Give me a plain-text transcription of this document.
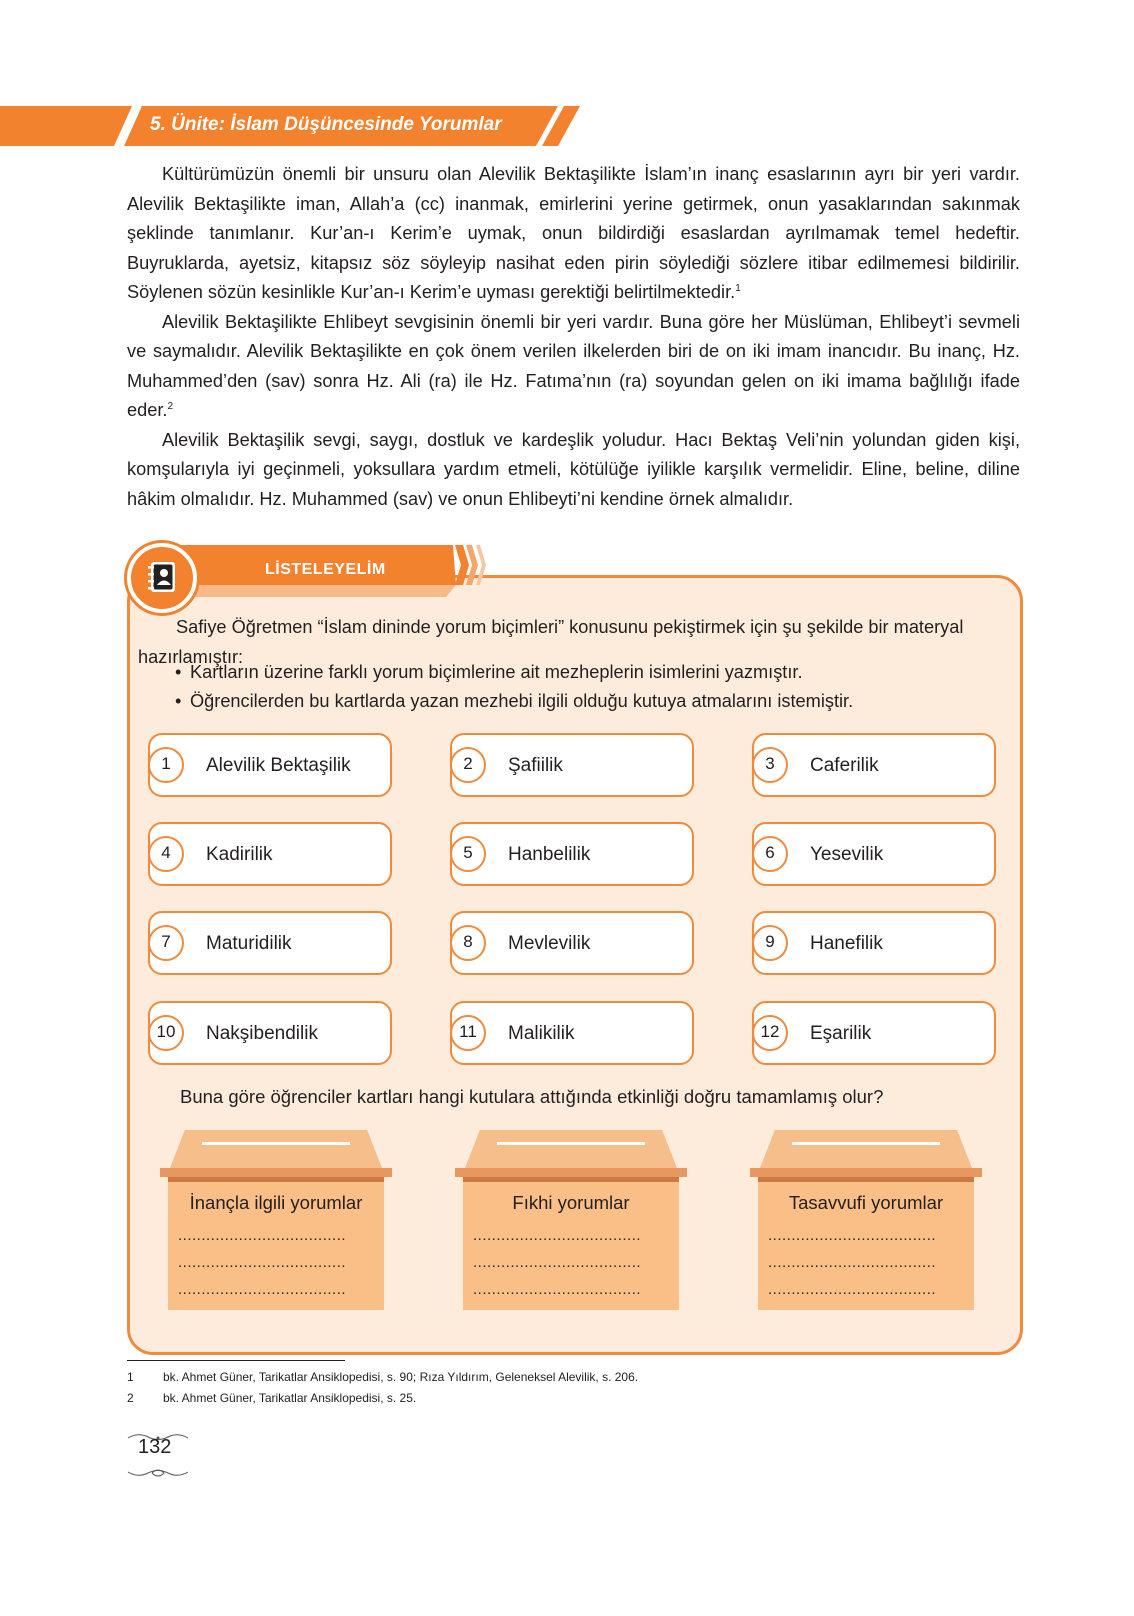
5. Ünite: İslam Düşüncesinde Yorumlar

Kültürümüzün önemli bir unsuru olan Alevilik Bektaşilikte İslam’ın inanç esaslarının ayrı bir yeri vardır. Alevilik Bektaşilikte iman, Allah’a (cc) inanmak, emirlerini yerine getirmek, onun yasaklarından sakınmak şeklinde tanımlanır. Kur’an-ı Kerim’e uymak, onun bildirdiği esaslardan ayrılmamak temel hedeftir. Buyruklarda, ayetsiz, kitapsız söz söyleyip nasihat eden pirin söylediği sözlere itibar edilmemesi bildirilir. Söylenen sözün kesinlikle Kur’an-ı Kerim’e uyması gerektiği belirtilmektedir.$^1$

Alevilik Bektaşilikte Ehlibeyt sevgisinin önemli bir yeri vardır. Buna göre her Müslüman, Ehlibeyt’i sevmeli ve saymalıdır. Alevilik Bektaşilikte en çok önem verilen ilkelerden biri de on iki imam inancıdır. Bu inanç, Hz. Muhammed’den (sav) sonra Hz. Ali (ra) ile Hz. Fatıma’nın (ra) soyundan gelen on iki imama bağlılığı ifade eder.$^2$

Alevilik Bektaşilik sevgi, saygı, dostluk ve kardeşlik yoludur. Hacı Bektaş Veli’nin yolundan giden kişi, komşularıyla iyi geçinmeli, yoksullara yardım etmeli, kötülüğe iyilikle karşılık vermelidir. Eline, beline, diline hâkim olmalıdır. Hz. Muhammed (sav) ve onun Ehlibeyti’ni kendine örnek almalıdır.

LİSTELEYELİM

Safiye Öğretmen “İslam dininde yorum biçimleri” konusunu pekiştirmek için şu şekilde bir materyal hazırlamıştır:

• Kartların üzerine farklı yorum biçimlerine ait mezheplerin isimlerini yazmıştır.
• Öğrencilerden bu kartlarda yazan mezhebi ilgili olduğu kutuya atmalarını istemiştir.
1	Alevilik Bektaşilik	2	Şafiilik	3	Caferilik
4	Kadirilik	5	Hanbelilik	6	Yesevilik
7	Maturidilik	8	Mevlevilik	9	Hanefilik
10	Nakşibendilik	11	Malikilik	12	Eşarilik
Buna göre öğrenciler kartları hangi kutulara attığında etkinliği doğru tamamlamış olur?
İnançla ilgili yorumlar
....................................
....................................
....................................
Fıkhi yorumlar
....................................
....................................
....................................
Tasavvufi yorumlar
....................................
....................................
....................................
1 bk. Ahmet Güner, Tarikatlar Ansiklopedisi, s. 90; Rıza Yıldırım, Geleneksel Alevilik, s. 206.
2 bk. Ahmet Güner, Tarikatlar Ansiklopedisi, s. 25.
132
